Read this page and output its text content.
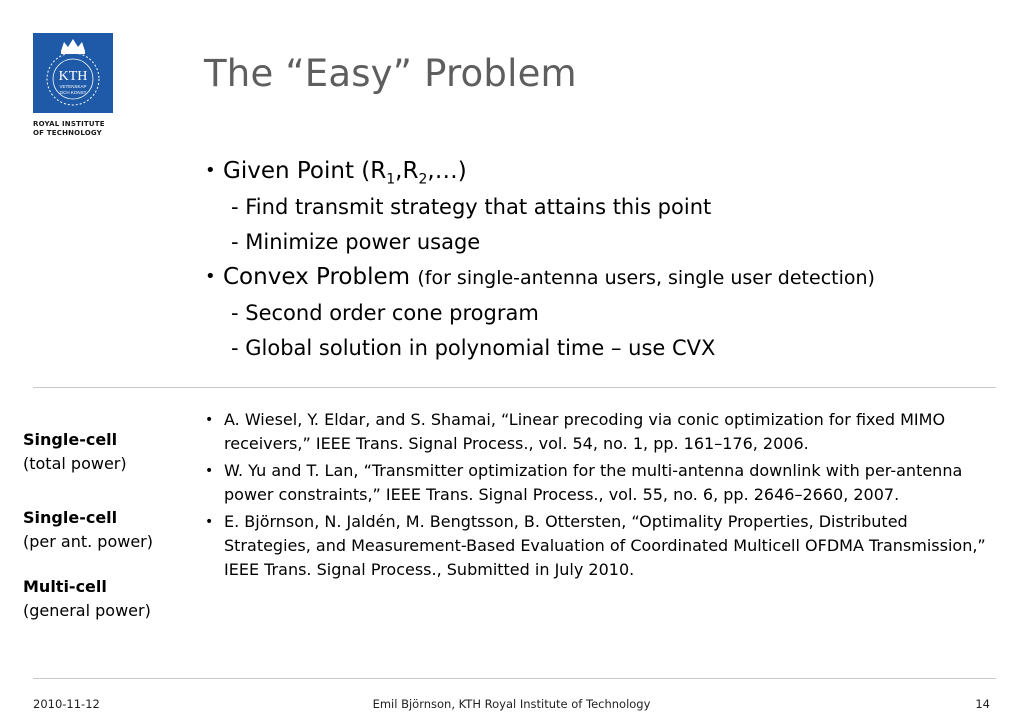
KTH
VETENSKAP
OCH KONST
ROYAL INSTITUTE
OF TECHNOLOGY
The “Easy” Problem
• Given Point $(R_1,R_2,\dots)$
- Find transmit strategy that attains this point
- Minimize power usage
• Convex Problem (for single-antenna users, single user detection)
- Second order cone program
- Global solution in polynomial time – use CVX
Single-cell
(total power)
Single-cell
(per ant. power)
Multi-cell
(general power)
• A. Wiesel, Y. Eldar, and S. Shamai, “Linear precoding via conic optimization for fixed MIMO receivers,” IEEE Trans. Signal Process., vol. 54, no. 1, pp. 161–176, 2006.
• W. Yu and T. Lan, “Transmitter optimization for the multi-antenna downlink with per-antenna power constraints,” IEEE Trans. Signal Process., vol. 55, no. 6, pp. 2646–2660, 2007.
• E. Björnson, N. Jaldén, M. Bengtsson, B. Ottersten, “Optimality Properties, Distributed Strategies, and Measurement-Based Evaluation of Coordinated Multicell OFDMA Transmission,” IEEE Trans. Signal Process., Submitted in July 2010.
2010-11-12	Emil Björnson, KTH Royal Institute of Technology	14
